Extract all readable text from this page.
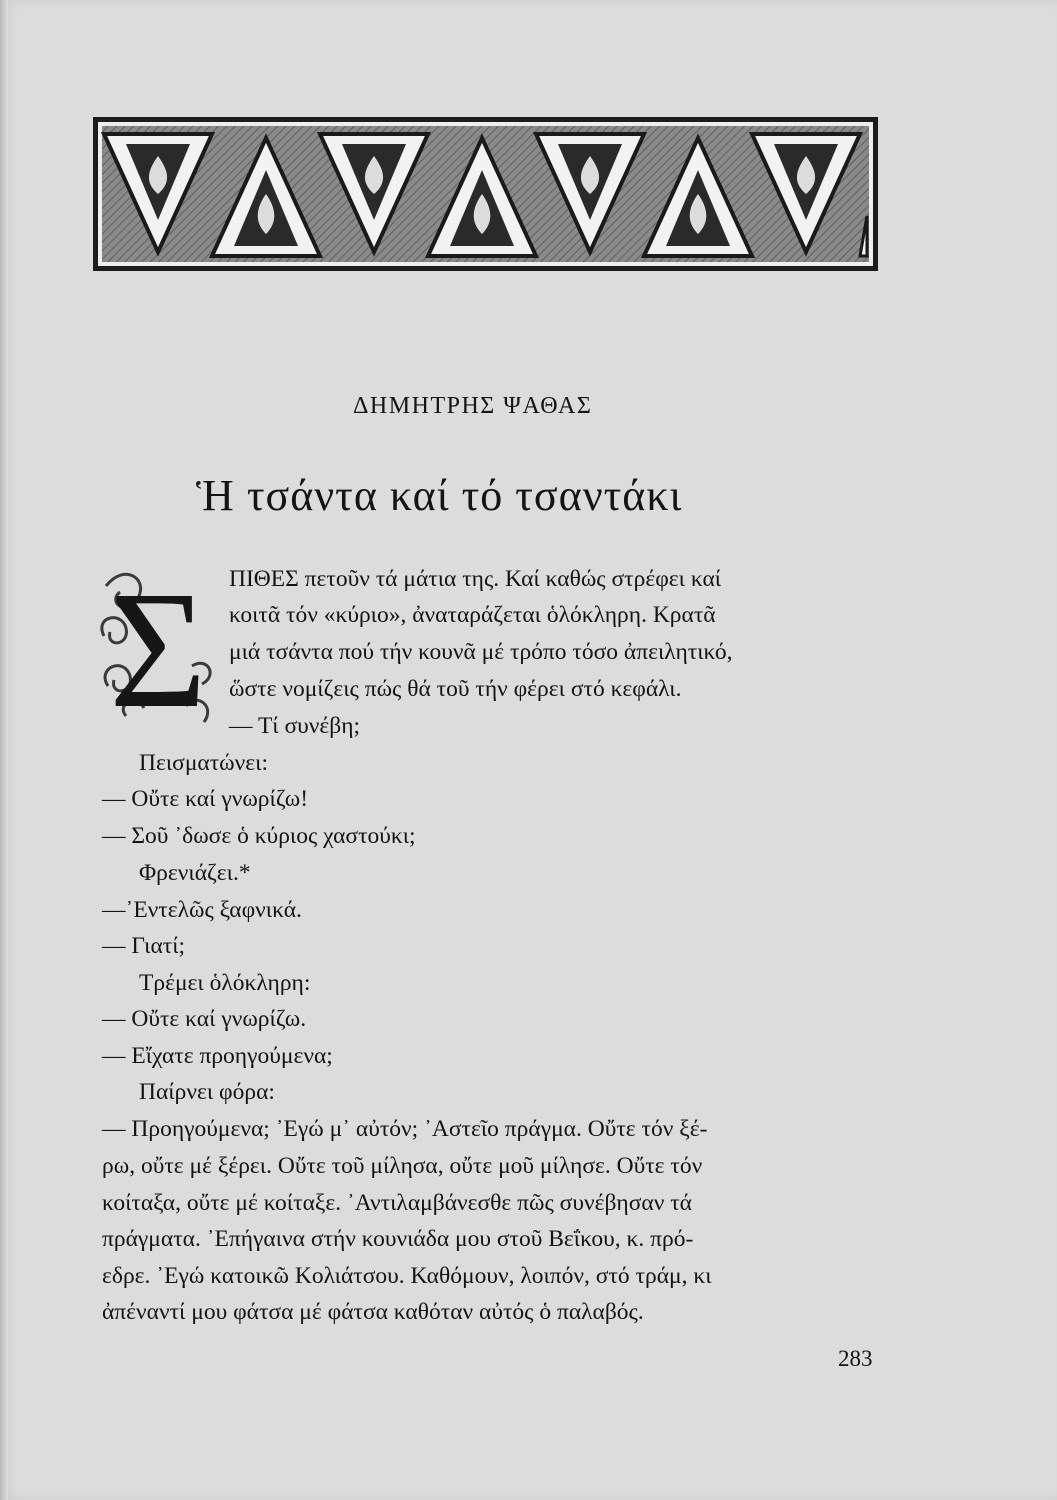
ΔΗΜΗΤΡΗΣ ΨΑΘΑΣ
Ἡ τσάντα καί τό τσαντάκι
Σ ΠΙΘΕΣ πετοῦν τά μάτια της. Καί καθώς στρέφει καί
κοιτᾶ τόν «κύριο», ἀναταράζεται ὁλόκληρη. Κρατᾶ
μιά τσάντα πού τήν κουνᾶ μέ τρόπο τόσο ἀπειλητικό,
ὥστε νομίζεις πώς θά τοῦ τήν φέρει στό κεφάλι.
— Τί συνέβη;
Πεισματώνει:
— Οὔτε καί γνωρίζω!
— Σοῦ ᾿δωσε ὁ κύριος χαστούκι;
Φρενιάζει.*
—᾿Εντελῶς ξαφνικά.
— Γιατί;
Τρέμει ὁλόκληρη:
— Οὔτε καί γνωρίζω.
— Εἴχατε προηγούμενα;
Παίρνει φόρα:
— Προηγούμενα; ᾿Εγώ μ᾿ αὐτόν; ᾿Αστεῖο πράγμα. Οὔτε τόν ξέ-
ρω, οὔτε μέ ξέρει. Οὔτε τοῦ μίλησα, οὔτε μοῦ μίλησε. Οὔτε τόν
κοίταξα, οὔτε μέ κοίταξε. ᾿Αντιλαμβάνεσθε πῶς συνέβησαν τά
πράγματα. ᾿Επήγαινα στήν κουνιάδα μου στοῦ Βεΐκου, κ. πρό-
εδρε. ᾿Εγώ κατοικῶ Κολιάτσου. Καθόμουν, λοιπόν, στό τράμ, κι
ἀπέναντί μου φάτσα μέ φάτσα καθόταν αὐτός ὁ παλαβός.
283
